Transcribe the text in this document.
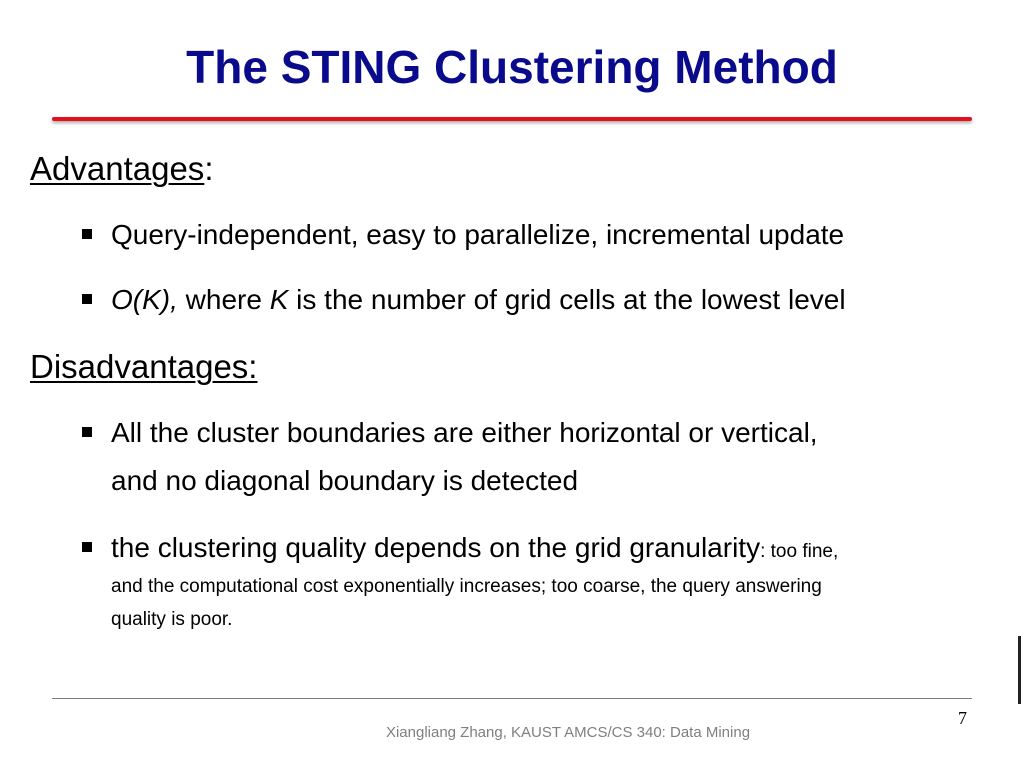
The STING Clustering Method
Advantages:
Query-independent, easy to parallelize, incremental update
O(K), where K is the number of grid cells at the lowest level
Disadvantages:
All the cluster boundaries are either horizontal or vertical,
and no diagonal boundary is detected
the clustering quality depends on the grid granularity: too fine,
and the computational cost exponentially increases; too coarse, the query answering
quality is poor.
7
Xiangliang Zhang, KAUST AMCS/CS 340: Data Mining
